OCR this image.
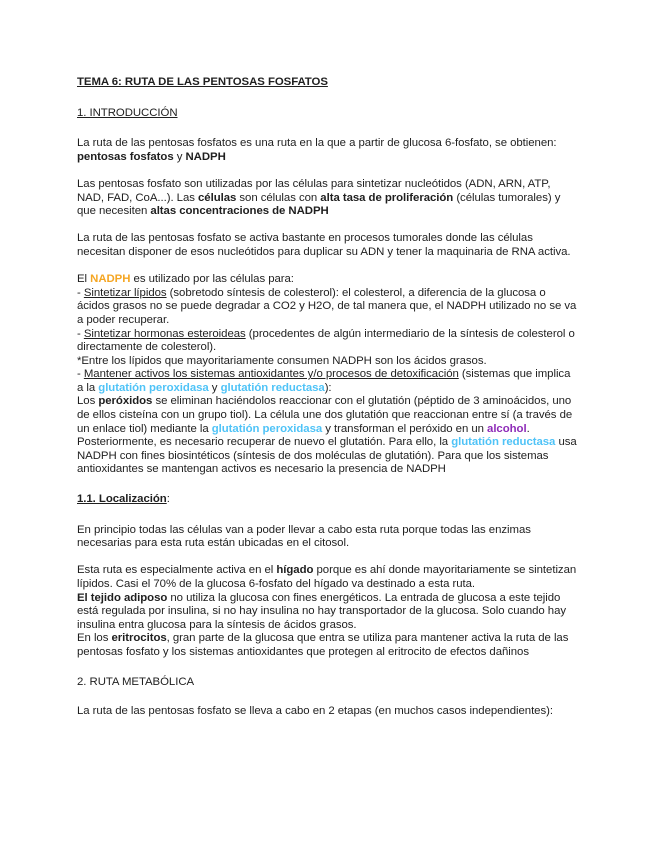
TEMA 6: RUTA DE LAS PENTOSAS FOSFATOS

1. INTRODUCCIÓN

La ruta de las pentosas fosfatos es una ruta en la que a partir de glucosa 6-fosfato, se obtienen: pentosas fosfatos y NADPH

Las pentosas fosfato son utilizadas por las células para sintetizar nucleótidos (ADN, ARN, ATP, NAD, FAD, CoA...). Las células son células con alta tasa de proliferación (células tumorales) y que necesiten altas concentraciones de NADPH

La ruta de las pentosas fosfato se activa bastante en procesos tumorales donde las células necesitan disponer de esos nucleótidos para duplicar su ADN y tener la maquinaria de RNA activa.

El NADPH es utilizado por las células para:

- Sintetizar lípidos (sobretodo síntesis de colesterol): el colesterol, a diferencia de la glucosa o ácidos grasos no se puede degradar a CO2 y H2O, de tal manera que, el NADPH utilizado no se va a poder recuperar.

- Sintetizar hormonas esteroideas (procedentes de algún intermediario de la síntesis de colesterol o directamente de colesterol).

*Entre los lípidos que mayoritariamente consumen NADPH son los ácidos grasos.

- Mantener activos los sistemas antioxidantes y/o procesos de detoxificación (sistemas que implica a la glutatión peroxidasa y glutatión reductasa):

Los peróxidos se eliminan haciéndolos reaccionar con el glutatión (péptido de 3 aminoácidos, uno de ellos cisteína con un grupo tiol). La célula une dos glutatión que reaccionan entre sí (a través de un enlace tiol) mediante la glutatión peroxidasa y transforman el peróxido en un alcohol. Posteriormente, es necesario recuperar de nuevo el glutatión. Para ello, la glutatión reductasa usa NADPH con fines biosintéticos (síntesis de dos moléculas de glutatión). Para que los sistemas antioxidantes se mantengan activos es necesario la presencia de NADPH

1.1. Localización:

En principio todas las células van a poder llevar a cabo esta ruta porque todas las enzimas necesarias para esta ruta están ubicadas en el citosol.

Esta ruta es especialmente activa en el hígado porque es ahí donde mayoritariamente se sintetizan lípidos. Casi el 70% de la glucosa 6-fosfato del hígado va destinado a esta ruta.

El tejido adiposo no utiliza la glucosa con fines energéticos. La entrada de glucosa a este tejido está regulada por insulina, si no hay insulina no hay transportador de la glucosa. Solo cuando hay insulina entra glucosa para la síntesis de ácidos grasos.

En los eritrocitos, gran parte de la glucosa que entra se utiliza para mantener activa la ruta de las pentosas fosfato y los sistemas antioxidantes que protegen al eritrocito de efectos dañinos

2. RUTA METABÓLICA

La ruta de las pentosas fosfato se lleva a cabo en 2 etapas (en muchos casos independientes):
